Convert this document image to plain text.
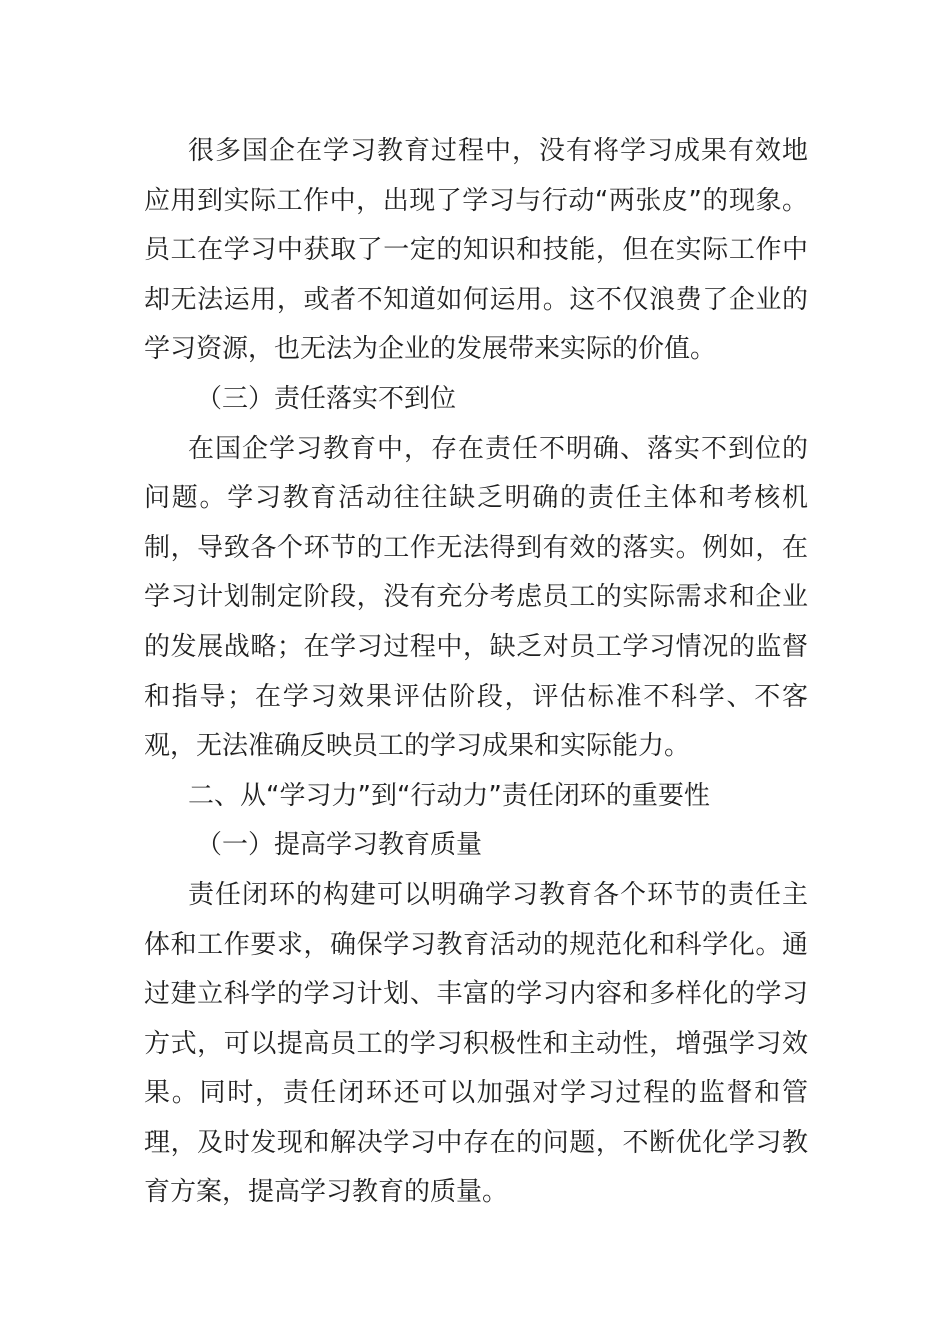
很多国企在学习教育过程中，没有将学习成果有效地应用到实际工作中，出现了学习与行动“两张皮”的现象。员工在学习中获取了一定的知识和技能，但在实际工作中却无法运用，或者不知道如何运用。这不仅浪费了企业的学习资源，也无法为企业的发展带来实际的价值。

（三）责任落实不到位

在国企学习教育中，存在责任不明确、落实不到位的问题。学习教育活动往往缺乏明确的责任主体和考核机制，导致各个环节的工作无法得到有效的落实。例如，在学习计划制定阶段，没有充分考虑员工的实际需求和企业的发展战略；在学习过程中，缺乏对员工学习情况的监督和指导；在学习效果评估阶段，评估标准不科学、不客观，无法准确反映员工的学习成果和实际能力。

二、从“学习力”到“行动力”责任闭环的重要性

（一）提高学习教育质量

责任闭环的构建可以明确学习教育各个环节的责任主体和工作要求，确保学习教育活动的规范化和科学化。通过建立科学的学习计划、丰富的学习内容和多样化的学习方式，可以提高员工的学习积极性和主动性，增强学习效果。同时，责任闭环还可以加强对学习过程的监督和管理，及时发现和解决学习中存在的问题，不断优化学习教育方案，提高学习教育的质量。
